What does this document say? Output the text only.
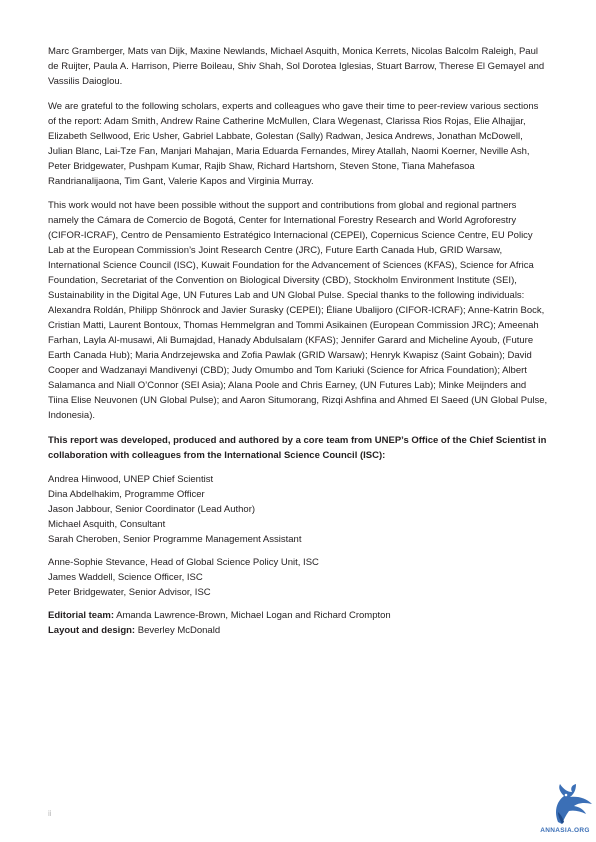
Marc Gramberger, Mats van Dijk, Maxine Newlands, Michael Asquith, Monica Kerrets, Nicolas Balcolm Raleigh, Paul de Ruijter, Paula A. Harrison, Pierre Boileau, Shiv Shah, Sol Dorotea Iglesias, Stuart Barrow, Therese El Gemayel and Vassilis Daioglou.

We are grateful to the following scholars, experts and colleagues who gave their time to peer-review various sections of the report: Adam Smith, Andrew Raine Catherine McMullen, Clara Wegenast, Clarissa Rios Rojas, Elie Alhajjar, Elizabeth Sellwood, Eric Usher, Gabriel Labbate, Golestan (Sally) Radwan, Jesica Andrews, Jonathan McDowell, Julian Blanc, Lai-Tze Fan, Manjari Mahajan, Maria Eduarda Fernandes, Mirey Atallah, Naomi Koerner, Neville Ash, Peter Bridgewater, Pushpam Kumar, Rajib Shaw, Richard Hartshorn, Steven Stone, Tiana Mahefasoa Randrianalijaona, Tim Gant, Valerie Kapos and Virginia Murray.

This work would not have been possible without the support and contributions from global and regional partners namely the Cámara de Comercio de Bogotá, Center for International Forestry Research and World Agroforestry (CIFOR-ICRAF), Centro de Pensamiento Estratégico Internacional (CEPEI), Copernicus Science Centre, EU Policy Lab at the European Commission’s Joint Research Centre (JRC), Future Earth Canada Hub, GRID Warsaw, International Science Council (ISC), Kuwait Foundation for the Advancement of Sciences (KFAS), Science for Africa Foundation, Secretariat of the Convention on Biological Diversity (CBD), Stockholm Environment Institute (SEI), Sustainability in the Digital Age, UN Futures Lab and UN Global Pulse. Special thanks to the following individuals: Alexandra Roldán, Philipp Shönrock and Javier Surasky (CEPEI); Éliane Ubalijoro (CIFOR-ICRAF); Anne-Katrin Bock, Cristian Matti, Laurent Bontoux, Thomas Hemmelgran and Tommi Asikainen (European Commission JRC); Ameenah Farhan, Layla Al-musawi, Ali Bumajdad, Hanady Abdulsalam (KFAS); Jennifer Garard and Micheline Ayoub, (Future Earth Canada Hub); Maria Andrzejewska and Zofia Pawlak (GRID Warsaw); Henryk Kwapisz (Saint Gobain); David Cooper and Wadzanayi Mandivenyi (CBD); Judy Omumbo and Tom Kariuki (Science for Africa Foundation); Albert Salamanca and Niall O’Connor (SEI Asia); Alana Poole and Chris Earney, (UN Futures Lab); Minke Meijnders and Tiina Elise Neuvonen (UN Global Pulse); and Aaron Situmorang, Rizqi Ashfina and Ahmed El Saeed (UN Global Pulse, Indonesia).

This report was developed, produced and authored by a core team from UNEP’s Office of the Chief Scientist in collaboration with colleagues from the International Science Council (ISC):

Andrea Hinwood, UNEP Chief Scientist
Dina Abdelhakim, Programme Officer
Jason Jabbour, Senior Coordinator (Lead Author)
Michael Asquith, Consultant
Sarah Cheroben, Senior Programme Management Assistant
Anne-Sophie Stevance, Head of Global Science Policy Unit, ISC
James Waddell, Science Officer, ISC
Peter Bridgewater, Senior Advisor, ISC
Editorial team: Amanda Lawrence-Brown, Michael Logan and Richard Crompton
Layout and design: Beverley McDonald
ii
ANNASIA.ORG
